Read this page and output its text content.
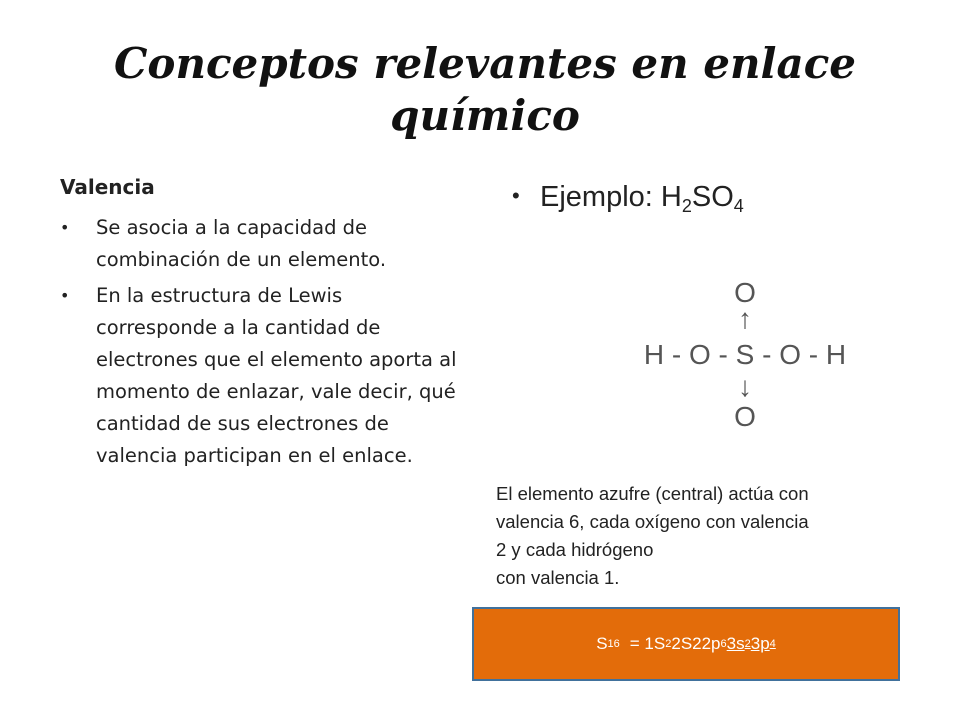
Conceptos relevantes en enlace químico
Valencia
• Se asocia a la capacidad de combinación de un elemento.
• En la estructura de Lewis corresponde a la cantidad de electrones que el elemento aporta al momento de enlazar, vale decir, qué cantidad de sus electrones de valencia participan en el enlace.
• Ejemplo: $H_2SO_4$
O
↑
H - O - S - O - H
↓
O
El elemento azufre (central) actúa con
valencia 6, cada oxígeno con valencia
2 y cada hidrógeno
con valencia 1.
S 16 = 1S 2 2S22p 6 3s 2 3p 4
